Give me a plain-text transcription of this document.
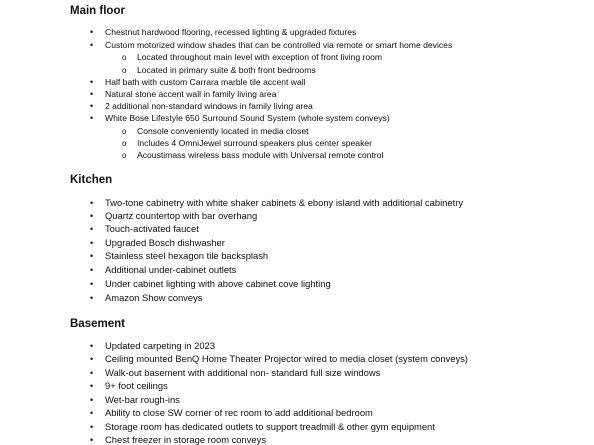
Main floor
•Chestnut hardwood flooring, recessed lighting & upgraded fixtures
•Custom motorized window shades that can be controlled via remote or smart home devices
oLocated throughout main level with exception of front living room
oLocated in primary suite & both front bedrooms
•Half bath with custom Carrara marble tile accent wall
•Natural stone accent wall in family living area
•2 additional non-standard windows in family living area
•White Bose Lifestyle 650 Surround Sound System (whole system conveys)
oConsole conveniently located in media closet
oIncludes 4 OmniJewel surround speakers plus center speaker
oAcoustimass wireless bass module with Universal remote control
Kitchen
•Two-tone cabinetry with white shaker cabinets & ebony island with additional cabinetry
•Quartz countertop with bar overhang
•Touch-activated faucet
•Upgraded Bosch dishwasher
•Stainless steel hexagon tile backsplash
•Additional under-cabinet outlets
•Under cabinet lighting with above cabinet cove lighting
•Amazon Show conveys
Basement
•Updated carpeting in 2023
•Ceiling mounted BenQ Home Theater Projector wired to media closet (system conveys)
•Walk-out basement with additional non- standard full size windows
•9+ foot ceilings
•Wet-bar rough-ins
•Ability to close SW corner of rec room to add additional bedroom
•Storage room has dedicated outlets to support treadmill & other gym equipment
•Chest freezer in storage room conveys
